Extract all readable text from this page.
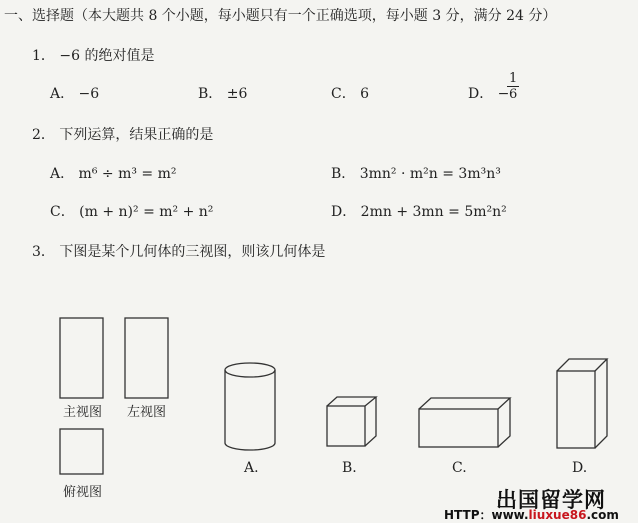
一、选择题（本大题共 8 个小题，每小题只有一个正确选项，每小题 3 分，满分 24 分）
1． −6 的绝对值是
A． −6	B． ±6	C． 6	D． −
$\frac{1}{6}$
2． 下列运算，结果正确的是
A． m⁶ ÷ m³ = m²	B． 3mn² · m²n = 3m³n³
C． (m + n)² = m² + n²	D． 2mn + 3mn = 5m²n²
3． 下图是某个几何体的三视图，则该几何体是
主视图 左视图
俯视图
A.	B.	C.	D.
出国留学网
HTTP：www.liuxue86.com
